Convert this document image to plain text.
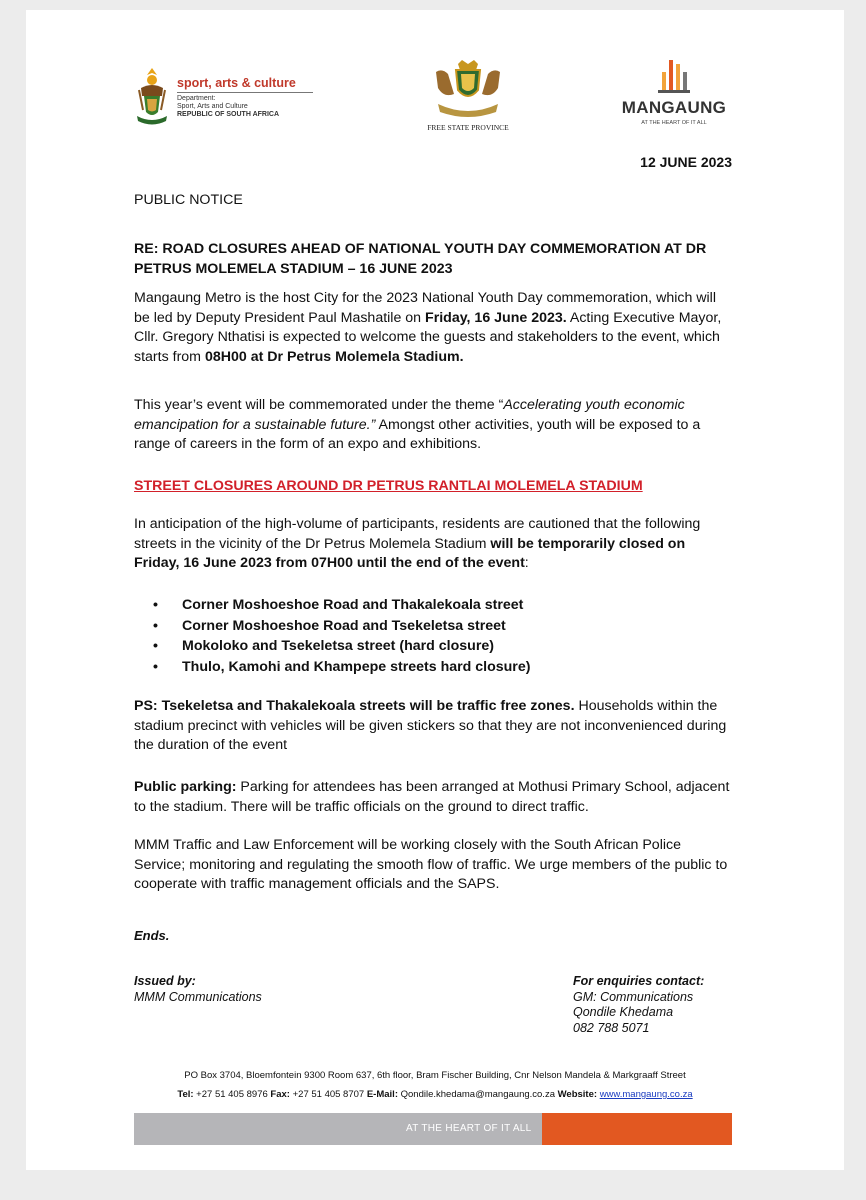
sport, arts & culture
Department:
Sport, Arts and Culture
REPUBLIC OF SOUTH AFRICA
FREE STATE PROVINCE
MANGAUNG
AT THE HEART OF IT ALL
12 JUNE 2023
PUBLIC NOTICE
RE: ROAD CLOSURES AHEAD OF NATIONAL YOUTH DAY COMMEMORATION AT DR PETRUS MOLEMELA STADIUM – 16 JUNE 2023

Mangaung Metro is the host City for the 2023 National Youth Day commemoration, which will be led by Deputy President Paul Mashatile on Friday, 16 June 2023. Acting Executive Mayor, Cllr. Gregory Nthatisi is expected to welcome the guests and stakeholders to the event, which starts from 08H00 at Dr Petrus Molemela Stadium.

This year’s event will be commemorated under the theme “Accelerating youth economic emancipation for a sustainable future.” Amongst other activities, youth will be exposed to a range of careers in the form of an expo and exhibitions.

STREET CLOSURES AROUND DR PETRUS RANTLAI MOLEMELA STADIUM

In anticipation of the high-volume of participants, residents are cautioned that the following streets in the vicinity of the Dr Petrus Molemela Stadium will be temporarily closed on Friday, 16 June 2023 from 07H00 until the end of the event:

• Corner Moshoeshoe Road and Thakalekoala street
• Corner Moshoeshoe Road and Tsekeletsa street
• Mokoloko and Tsekeletsa street (hard closure)
• Thulo, Kamohi and Khampepe streets hard closure)

PS: Tsekeletsa and Thakalekoala streets will be traffic free zones. Households within the stadium precinct with vehicles will be given stickers so that they are not inconvenienced during the duration of the event

Public parking: Parking for attendees has been arranged at Mothusi Primary School, adjacent to the stadium. There will be traffic officials on the ground to direct traffic.

MMM Traffic and Law Enforcement will be working closely with the South African Police Service; monitoring and regulating the smooth flow of traffic. We urge members of the public to cooperate with traffic management officials and the SAPS.

Ends.
Issued by:
MMM Communications
For enquiries contact:
GM: Communications
Qondile Khedama
082 788 5071
PO Box 3704, Bloemfontein 9300 Room 637, 6th floor, Bram Fischer Building, Cnr Nelson Mandela & Markgraaff Street
Tel: +27 51 405 8976 Fax: +27 51 405 8707 E-Mail: Qondile.khedama@mangaung.co.za Website: www.mangaung.co.za
AT THE HEART OF IT ALL
